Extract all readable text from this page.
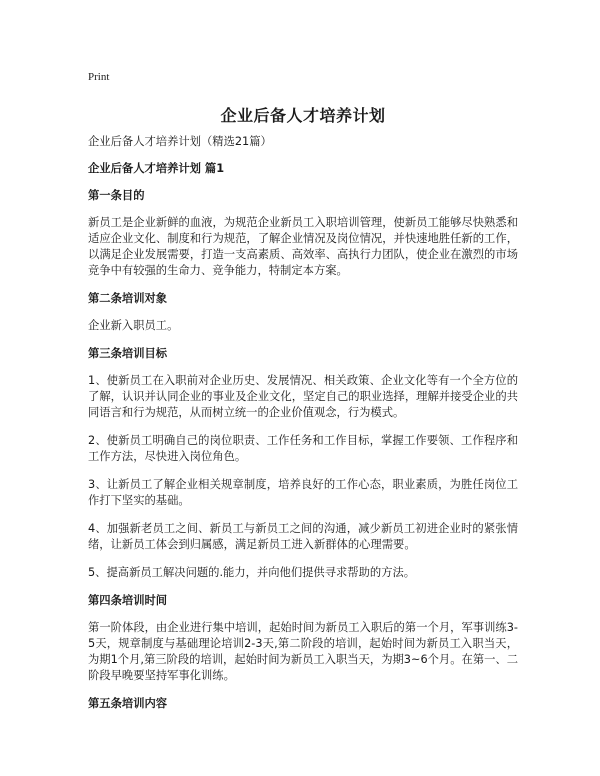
Print
企业后备人才培养计划
企业后备人才培养计划（精选21篇）
企业后备人才培养计划 篇1
第一条目的
新员工是企业新鲜的血液，为规范企业新员工入职培训管理，使新员工能够尽快熟悉和适应企业文化、制度和行为规范，了解企业情况及岗位情况，并快速地胜任新的工作，以满足企业发展需要，打造一支高素质、高效率、高执行力团队，使企业在激烈的市场竞争中有较强的生命力、竞争能力，特制定本方案。
第二条培训对象
企业新入职员工。
第三条培训目标
1、使新员工在入职前对企业历史、发展情况、相关政策、企业文化等有一个全方位的了解，认识并认同企业的事业及企业文化，坚定自己的职业选择，理解并接受企业的共同语言和行为规范，从而树立统一的企业价值观念，行为模式。
2、使新员工明确自己的岗位职责、工作任务和工作目标，掌握工作要领、工作程序和工作方法，尽快进入岗位角色。
3、让新员工了解企业相关规章制度，培养良好的工作心态，职业素质，为胜任岗位工作打下坚实的基础。
4、加强新老员工之间、新员工与新员工之间的沟通，减少新员工初进企业时的紧张情绪，让新员工体会到归属感，满足新员工进入新群体的心理需要。
5、提高新员工解决问题的.能力，并向他们提供寻求帮助的方法。
第四条培训时间
第一阶体段，由企业进行集中培训，起始时间为新员工入职后的第一个月，军事训练3-5天，规章制度与基础理论培训2-3天,第二阶段的培训，起始时间为新员工入职当天，为期1个月,第三阶段的培训，起始时间为新员工入职当天，为期3~6个月。在第一、二阶段早晚要坚持军事化训练。
第五条培训内容
